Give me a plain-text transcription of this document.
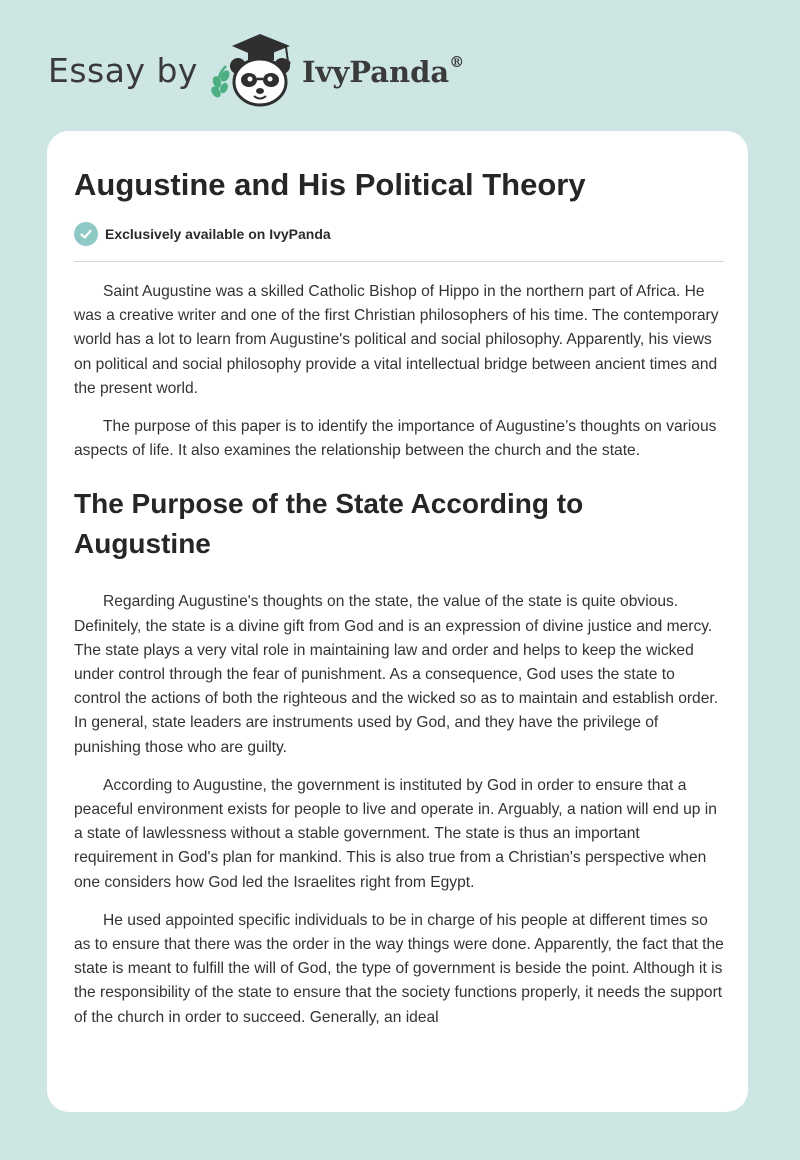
Essay by	IvyPanda®
Augustine and His Political Theory
Exclusively available on IvyPanda

Saint Augustine was a skilled Catholic Bishop of Hippo in the northern part of Africa. He was a creative writer and one of the first Christian philosophers of his time. The contemporary world has a lot to learn from Augustine's political and social philosophy. Apparently, his views on political and social philosophy provide a vital intellectual bridge between ancient times and the present world.

The purpose of this paper is to identify the importance of Augustine’s thoughts on various aspects of life. It also examines the relationship between the church and the state.

The Purpose of the State According to Augustine

Regarding Augustine's thoughts on the state, the value of the state is quite obvious. Definitely, the state is a divine gift from God and is an expression of divine justice and mercy. The state plays a very vital role in maintaining law and order and helps to keep the wicked under control through the fear of punishment. As a consequence, God uses the state to control the actions of both the righteous and the wicked so as to maintain and establish order. In general, state leaders are instruments used by God, and they have the privilege of punishing those who are guilty.

According to Augustine, the government is instituted by God in order to ensure that a peaceful environment exists for people to live and operate in. Arguably, a nation will end up in a state of lawlessness without a stable government. The state is thus an important requirement in God's plan for mankind. This is also true from a Christian's perspective when one considers how God led the Israelites right from Egypt.

He used appointed specific individuals to be in charge of his people at different times so as to ensure that there was the order in the way things were done. Apparently, the fact that the state is meant to fulfill the will of God, the type of government is beside the point. Although it is the responsibility of the state to ensure that the society functions properly, it needs the support of the church in order to succeed. Generally, an ideal
